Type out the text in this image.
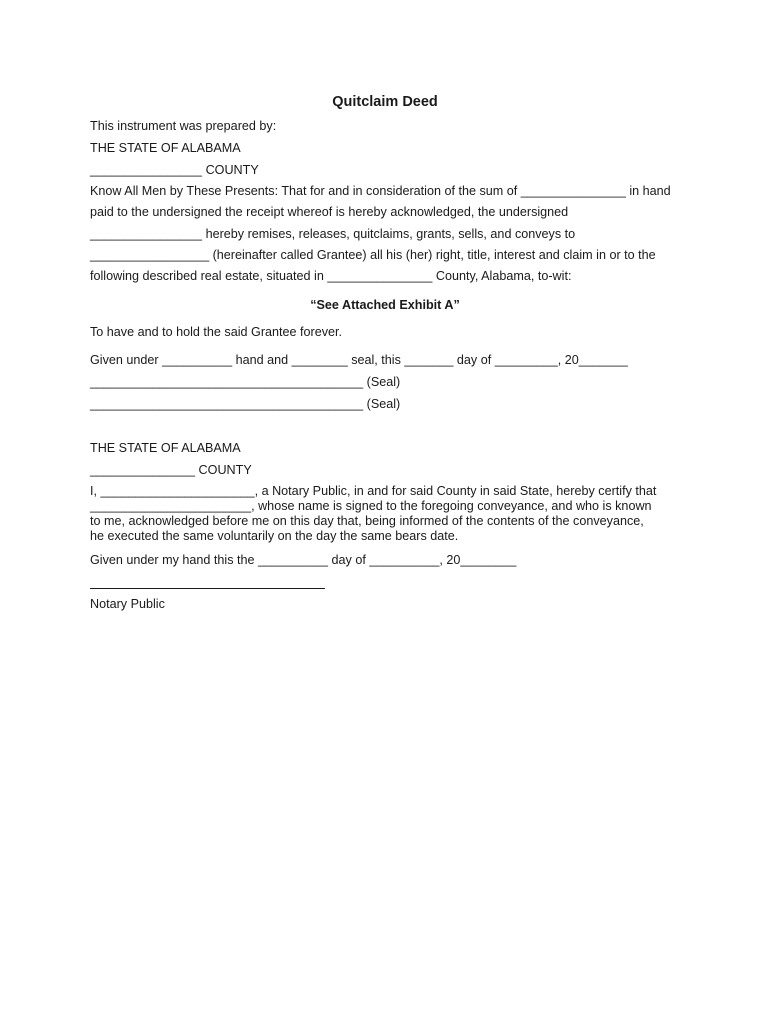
Quitclaim Deed
This instrument was prepared by:
THE STATE OF ALABAMA
________________ COUNTY
Know All Men by These Presents: That for and in consideration of the sum of _______________ in hand
paid to the undersigned the receipt whereof is hereby acknowledged, the undersigned
________________ hereby remises, releases, quitclaims, grants, sells, and conveys to
_________________ (hereinafter called Grantee) all his (her) right, title, interest and claim in or to the
following described real estate, situated in _______________ County, Alabama, to-wit:
“See Attached Exhibit A”
To have and to hold the said Grantee forever.
Given under __________ hand and ________ seal, this _______ day of _________, 20_______
_______________________________________ (Seal)
_______________________________________ (Seal)
THE STATE OF ALABAMA
_______________ COUNTY
I, ______________________, a Notary Public, in and for said County in said State, hereby certify that
_______________________, whose name is signed to the foregoing conveyance, and who is known
to me, acknowledged before me on this day that, being informed of the contents of the conveyance,
he executed the same voluntarily on the day the same bears date.
Given under my hand this the __________ day of __________, 20________
Notary Public
